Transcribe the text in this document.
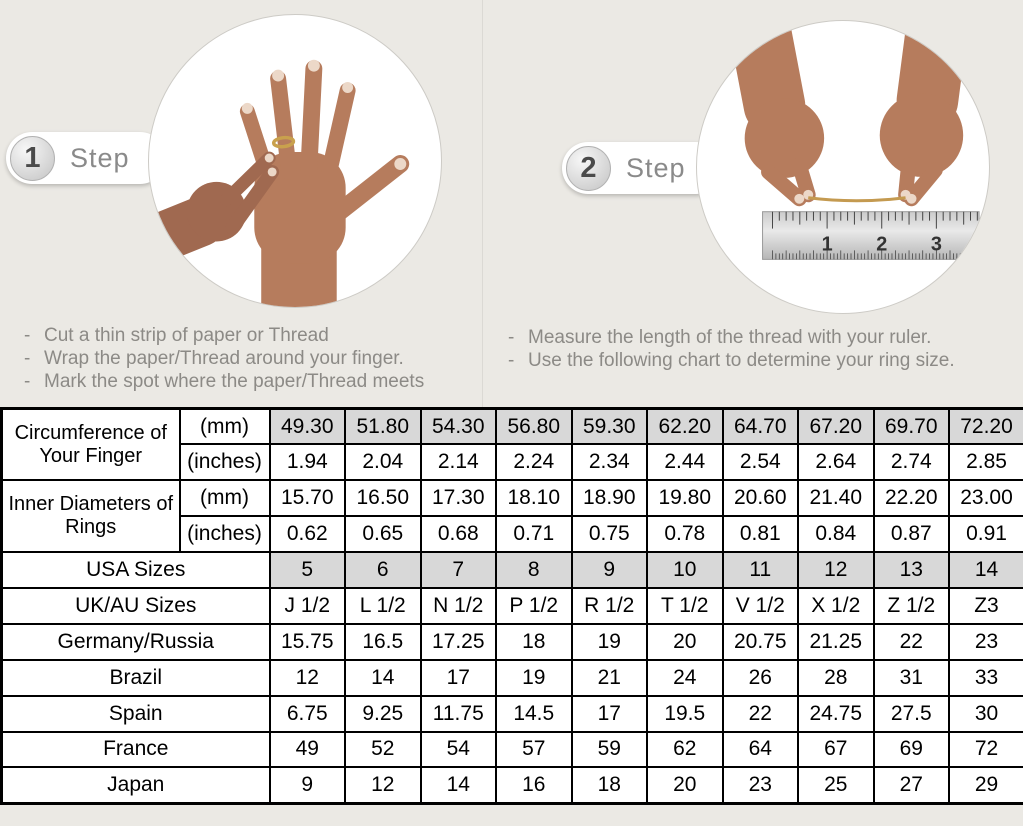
1	Step	2	Step
1 2 3
- Cut a thin strip of paper or Thread
- Wrap the paper/Thread around your finger.
- Mark the spot where the paper/Thread meets
- Measure the length of the thread with your ruler.
- Use the following chart to determine your ring size.
Circumference of Your Finger	(mm)	49.30	51.80	54.30	56.80	59.30	62.20	64.70	67.20	69.70	72.20
	(inches)	1.94	2.04	2.14	2.24	2.34	2.44	2.54	2.64	2.74	2.85
Inner Diameters of Rings	(mm)	15.70	16.50	17.30	18.10	18.90	19.80	20.60	21.40	22.20	23.00
	(inches)	0.62	0.65	0.68	0.71	0.75	0.78	0.81	0.84	0.87	0.91
USA Sizes		5	6	7	8	9	10	11	12	13	14
UK/AU Sizes		J 1/2	L 1/2	N 1/2	P 1/2	R 1/2	T 1/2	V 1/2	X 1/2	Z 1/2	Z3
Germany/Russia		15.75	16.5	17.25	18	19	20	20.75	21.25	22	23
Brazil		12	14	17	19	21	24	26	28	31	33
Spain		6.75	9.25	11.75	14.5	17	19.5	22	24.75	27.5	30
France		49	52	54	57	59	62	64	67	69	72
Japan		9	12	14	16	18	20	23	25	27	29
